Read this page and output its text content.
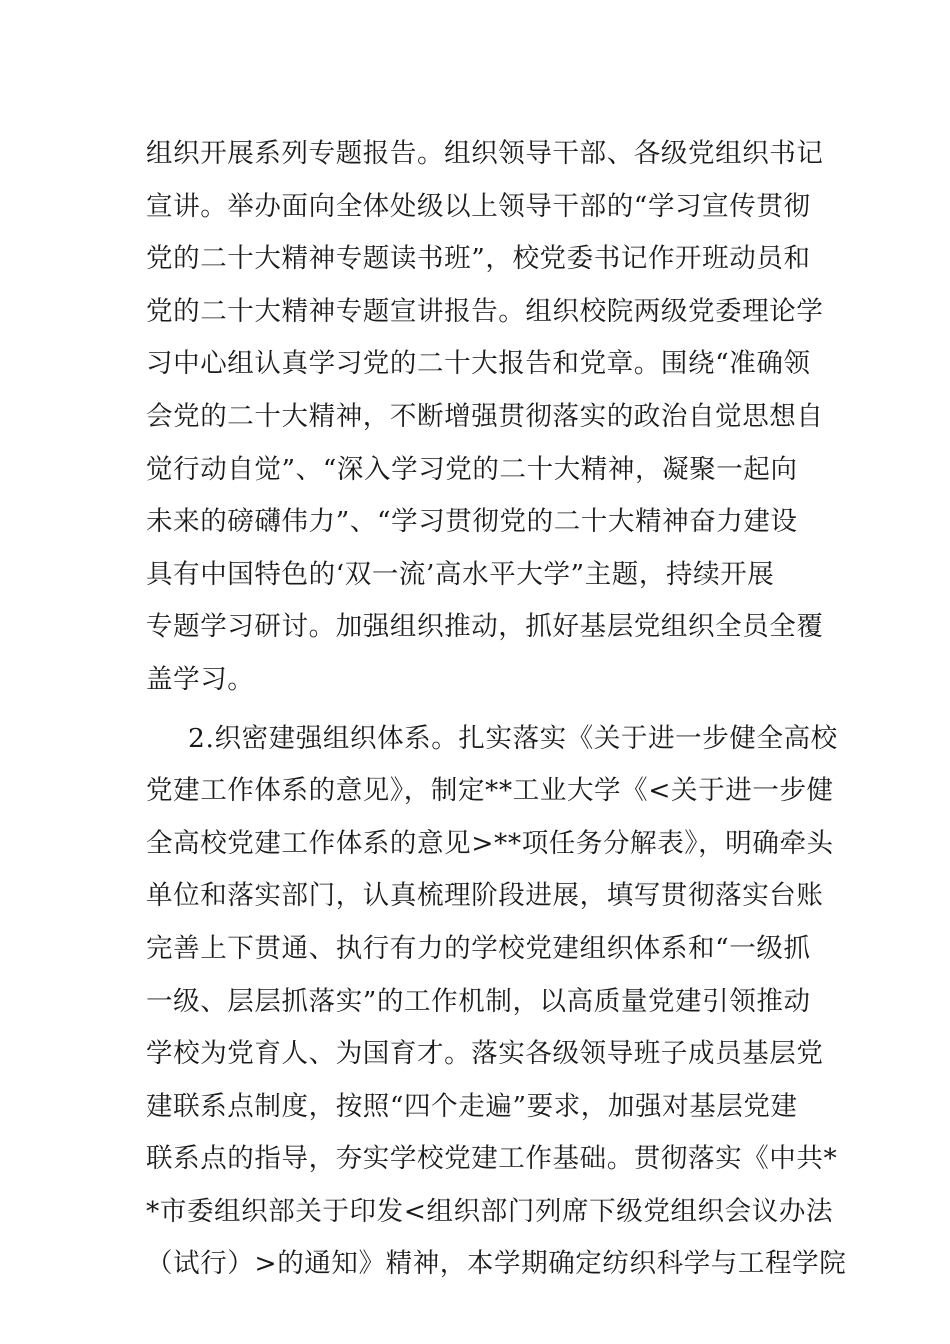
组织开展系列专题报告。组织领导干部、各级党组织书记
宣讲。举办面向全体处级以上领导干部的“学习宣传贯彻
党的二十大精神专题读书班”，校党委书记作开班动员和
党的二十大精神专题宣讲报告。组织校院两级党委理论学
习中心组认真学习党的二十大报告和党章。围绕“准确领
会党的二十大精神，不断增强贯彻落实的政治自觉思想自
觉行动自觉”、“深入学习党的二十大精神，凝聚一起向
未来的磅礴伟力”、“学习贯彻党的二十大精神奋力建设
具有中国特色的‘双一流’高水平大学”主题，持续开展
专题学习研讨。加强组织推动，抓好基层党组织全员全覆
盖学习。
2.织密建强组织体系。扎实落实《关于进一步健全高校
党建工作体系的意见》，制定**工业大学《<关于进一步健
全高校党建工作体系的意见>**项任务分解表》，明确牵头
单位和落实部门，认真梳理阶段进展，填写贯彻落实台账
完善上下贯通、执行有力的学校党建组织体系和“一级抓
一级、层层抓落实”的工作机制，以高质量党建引领推动
学校为党育人、为国育才。落实各级领导班子成员基层党
建联系点制度，按照“四个走遍”要求，加强对基层党建
联系点的指导，夯实学校党建工作基础。贯彻落实《中共*
*市委组织部关于印发<组织部门列席下级党组织会议办法
（试行）>的通知》精神，本学期确定纺织科学与工程学院
